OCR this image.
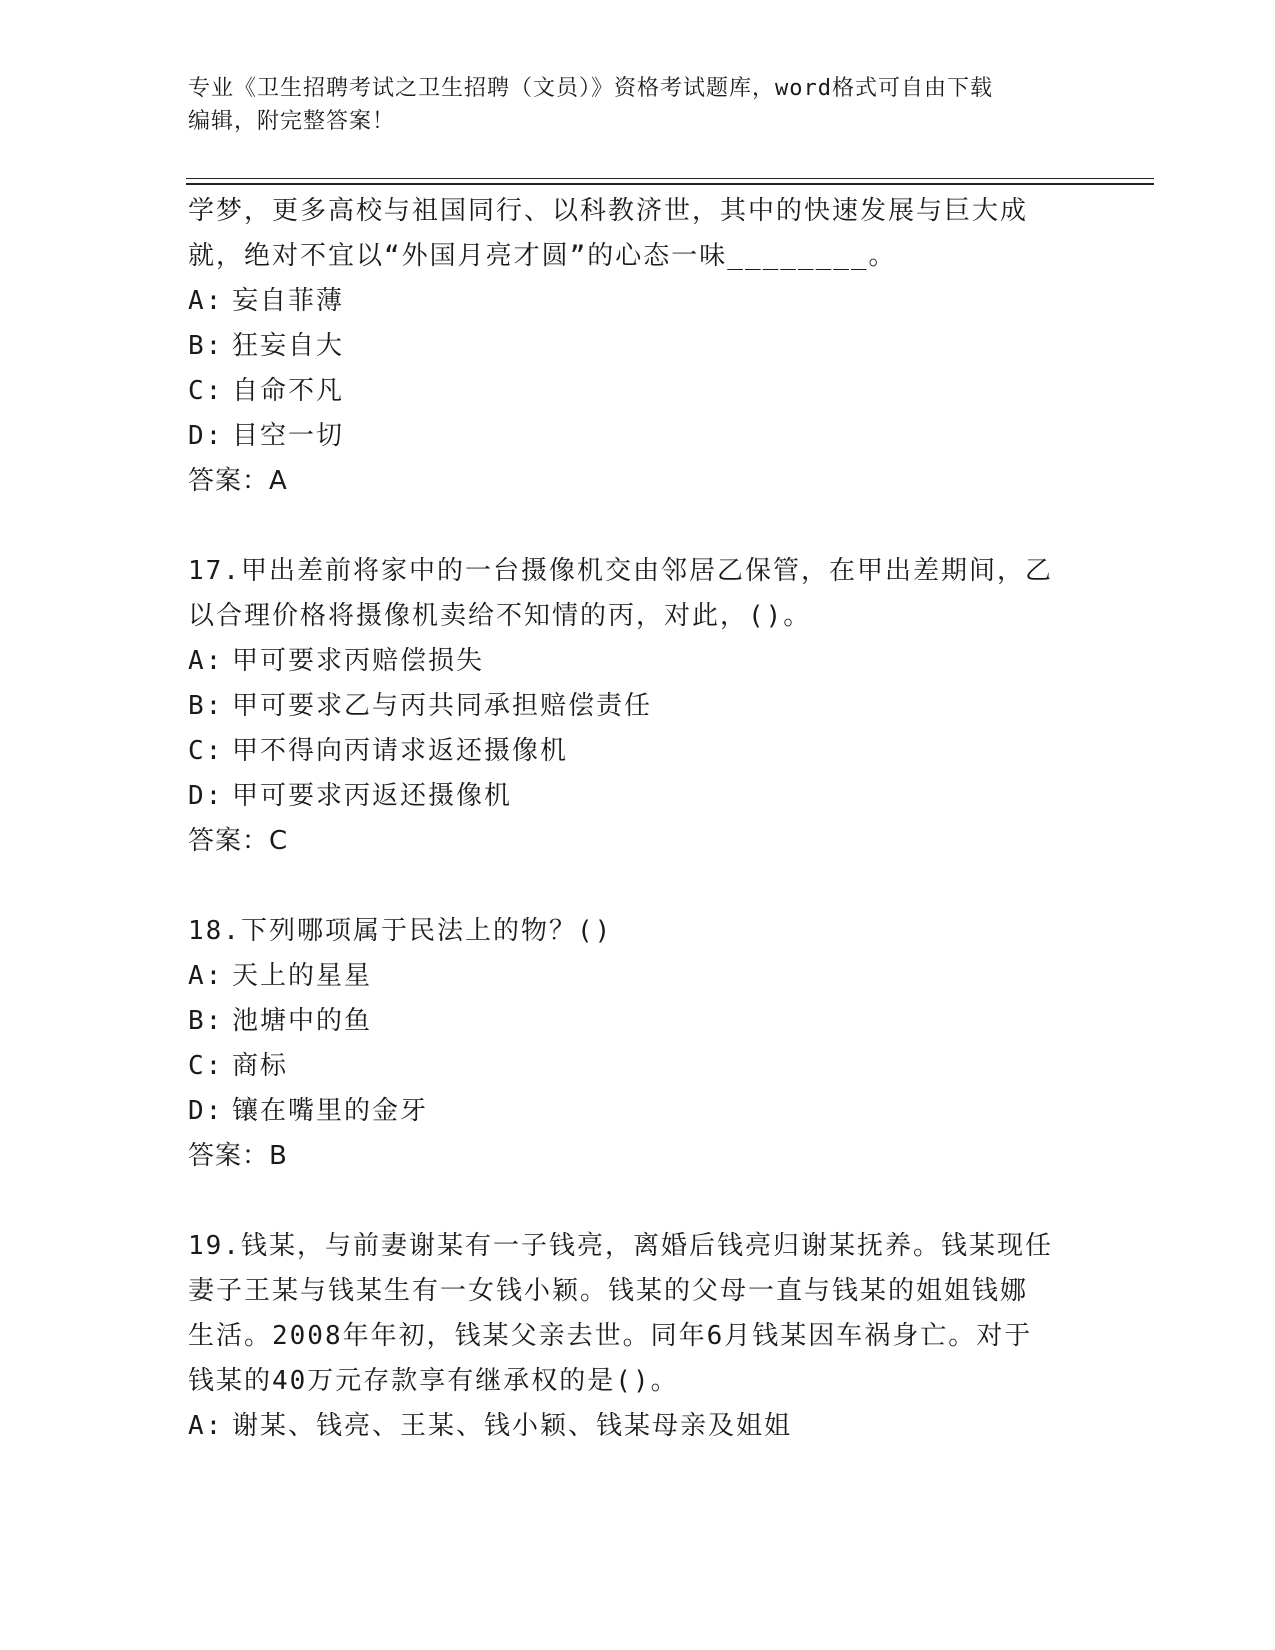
专业《卫生招聘考试之卫生招聘（文员）》资格考试题库，word格式可自由下载
编辑，附完整答案！

学梦，更多高校与祖国同行、以科教济世，其中的快速发展与巨大成

就，绝对不宜以“外国月亮才圆”的心态一味________。

A: 妄自菲薄

B: 狂妄自大

C: 自命不凡

D: 目空一切

答案：A

17.甲出差前将家中的一台摄像机交由邻居乙保管，在甲出差期间，乙

以合理价格将摄像机卖给不知情的丙，对此，()。

A: 甲可要求丙赔偿损失

B: 甲可要求乙与丙共同承担赔偿责任

C: 甲不得向丙请求返还摄像机

D: 甲可要求丙返还摄像机

答案：C

18.下列哪项属于民法上的物？()

A: 天上的星星

B: 池塘中的鱼

C: 商标

D: 镶在嘴里的金牙

答案：B

19.钱某，与前妻谢某有一子钱亮，离婚后钱亮归谢某抚养。钱某现任

妻子王某与钱某生有一女钱小颖。钱某的父母一直与钱某的姐姐钱娜

生活。2008年年初，钱某父亲去世。同年6月钱某因车祸身亡。对于

钱某的40万元存款享有继承权的是()。

A: 谢某、钱亮、王某、钱小颖、钱某母亲及姐姐
